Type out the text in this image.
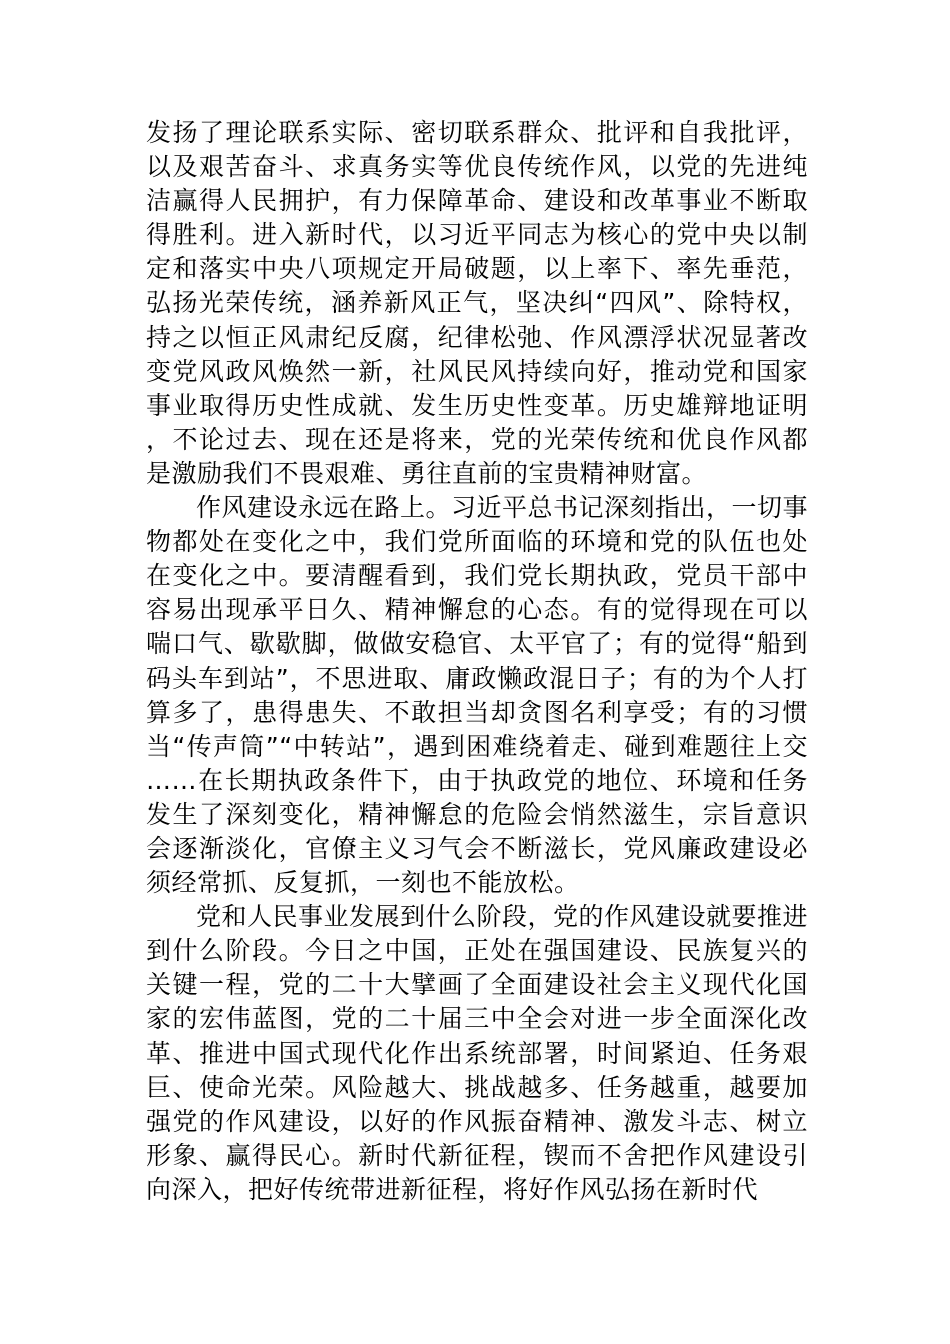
发扬了理论联系实际、密切联系群众、批评和自我批评，以及艰苦奋斗、求真务实等优良传统作风，以党的先进纯洁赢得人民拥护，有力保障革命、建设和改革事业不断取得胜利。进入新时代，以习近平同志为核心的党中央以制定和落实中央八项规定开局破题，以上率下、率先垂范，弘扬光荣传统，涵养新风正气，坚决纠“四风”、除特权，持之以恒正风肃纪反腐，纪律松弛、作风漂浮状况显著改变党风政风焕然一新，社风民风持续向好，推动党和国家事业取得历史性成就、发生历史性变革。历史雄辩地证明，不论过去、现在还是将来，党的光荣传统和优良作风都是激励我们不畏艰难、勇往直前的宝贵精神财富。

作风建设永远在路上。习近平总书记深刻指出，一切事物都处在变化之中，我们党所面临的环境和党的队伍也处在变化之中。要清醒看到，我们党长期执政，党员干部中容易出现承平日久、精神懈怠的心态。有的觉得现在可以喘口气、歇歇脚，做做安稳官、太平官了；有的觉得“船到码头车到站”，不思进取、庸政懒政混日子；有的为个人打算多了，患得患失、不敢担当却贪图名利享受；有的习惯当“传声筒”“中转站”，遇到困难绕着走、碰到难题往上交……在长期执政条件下，由于执政党的地位、环境和任务发生了深刻变化，精神懈怠的危险会悄然滋生，宗旨意识会逐渐淡化，官僚主义习气会不断滋长，党风廉政建设必须经常抓、反复抓，一刻也不能放松。

党和人民事业发展到什么阶段，党的作风建设就要推进到什么阶段。今日之中国，正处在强国建设、民族复兴的关键一程，党的二十大擘画了全面建设社会主义现代化国家的宏伟蓝图，党的二十届三中全会对进一步全面深化改革、推进中国式现代化作出系统部署，时间紧迫、任务艰巨、使命光荣。风险越大、挑战越多、任务越重，越要加强党的作风建设，以好的作风振奋精神、激发斗志、树立形象、赢得民心。新时代新征程，锲而不舍把作风建设引向深入，把好传统带进新征程，将好作风弘扬在新时代
